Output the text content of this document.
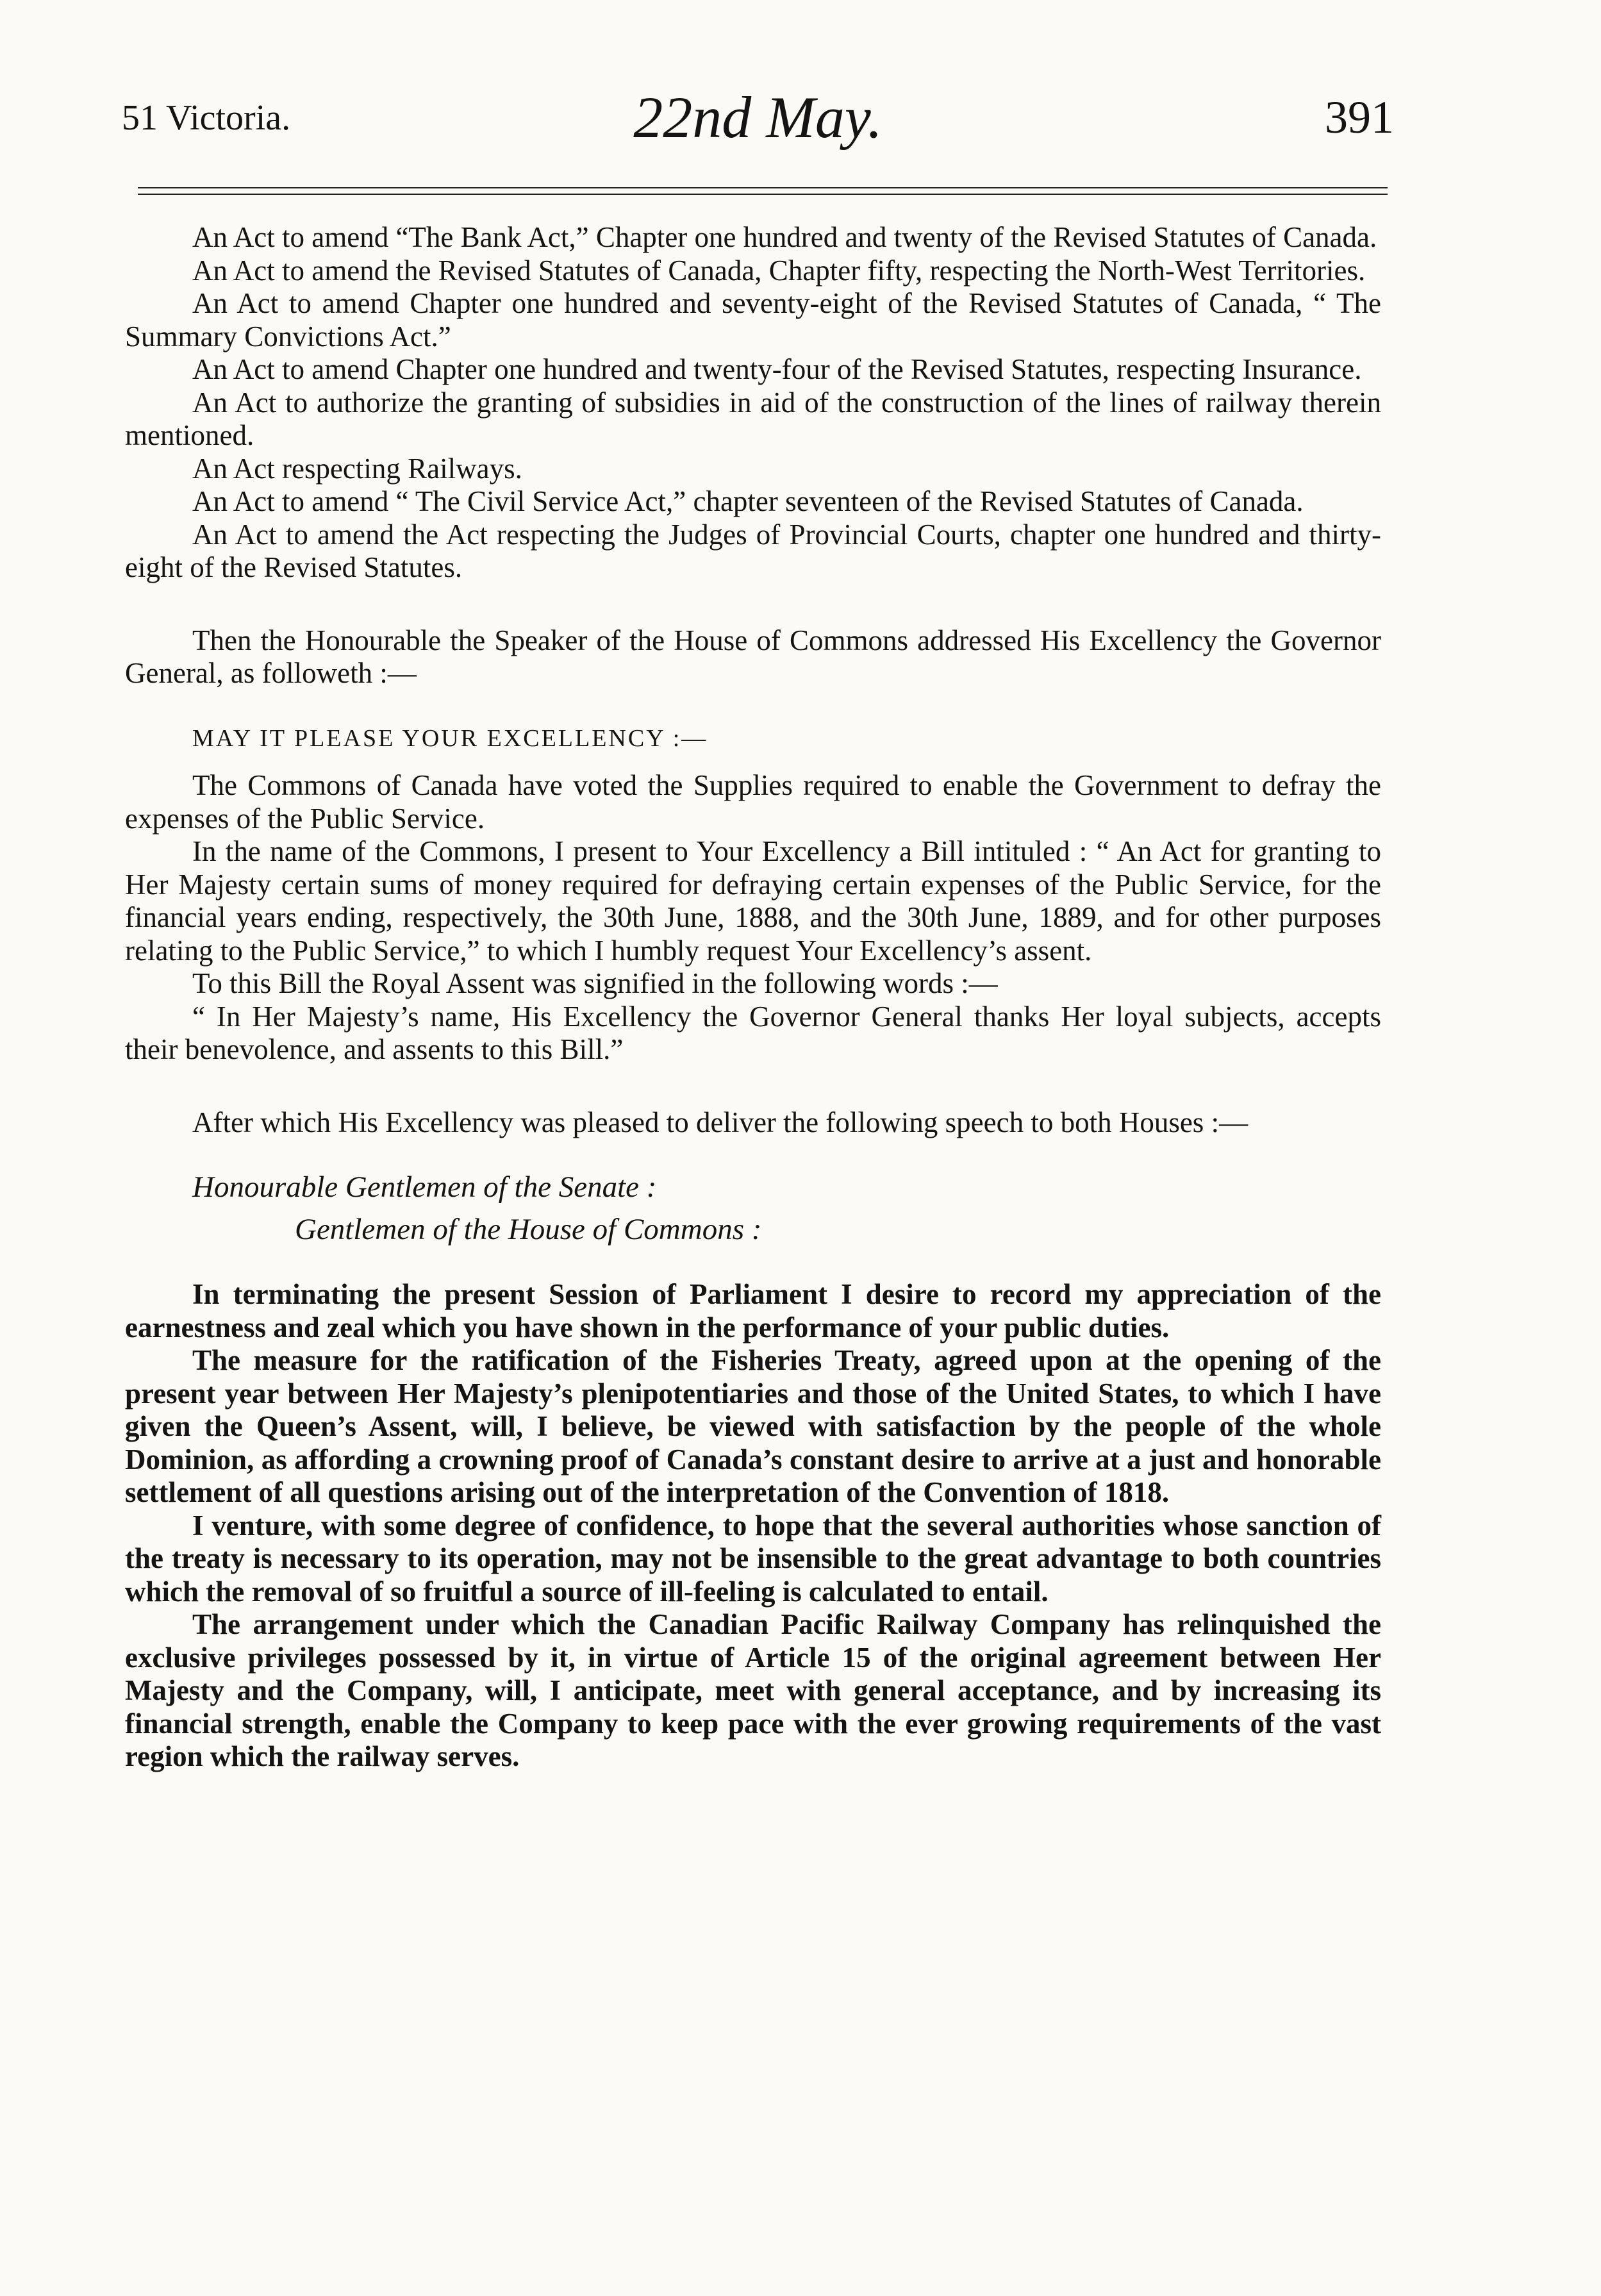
51 Victoria.	22nd May.	391

An Act to amend “The Bank Act,” Chapter one hundred and twenty of the Revised Statutes of Canada.

An Act to amend the Revised Statutes of Canada, Chapter fifty, respecting the North-West Territories.

An Act to amend Chapter one hundred and seventy-eight of the Revised Statutes of Canada, “ The Summary Convictions Act.”

An Act to amend Chapter one hundred and twenty-four of the Revised Statutes, respecting Insurance.

An Act to authorize the granting of subsidies in aid of the construction of the lines of railway therein mentioned.

An Act respecting Railways.

An Act to amend “ The Civil Service Act,” chapter seventeen of the Revised Statutes of Canada.

An Act to amend the Act respecting the Judges of Provincial Courts, chapter one hundred and thirty-eight of the Revised Statutes.

Then the Honourable the Speaker of the House of Commons addressed His Excellency the Governor General, as followeth :—

MAY IT PLEASE YOUR EXCELLENCY :—

The Commons of Canada have voted the Supplies required to enable the Government to defray the expenses of the Public Service.

In the name of the Commons, I present to Your Excellency a Bill intituled : “ An Act for granting to Her Majesty certain sums of money required for defraying certain expenses of the Public Service, for the financial years ending, respectively, the 30th June, 1888, and the 30th June, 1889, and for other purposes relating to the Public Service,” to which I humbly request Your Excellency’s assent.

To this Bill the Royal Assent was signified in the following words :—

“ In Her Majesty’s name, His Excellency the Governor General thanks Her loyal subjects, accepts their benevolence, and assents to this Bill.”

After which His Excellency was pleased to deliver the following speech to both Houses :—

Honourable Gentlemen of the Senate :

Gentlemen of the House of Commons :

In terminating the present Session of Parliament I desire to record my appreciation of the earnestness and zeal which you have shown in the performance of your public duties.

The measure for the ratification of the Fisheries Treaty, agreed upon at the opening of the present year between Her Majesty’s plenipotentiaries and those of the United States, to which I have given the Queen’s Assent, will, I believe, be viewed with satisfaction by the people of the whole Dominion, as affording a crowning proof of Canada’s constant desire to arrive at a just and honorable settlement of all questions arising out of the interpretation of the Convention of 1818.

I venture, with some degree of confidence, to hope that the several authorities whose sanction of the treaty is necessary to its operation, may not be insensible to the great advantage to both countries which the removal of so fruitful a source of ill-feeling is calculated to entail.

The arrangement under which the Canadian Pacific Railway Company has relinquished the exclusive privileges possessed by it, in virtue of Article 15 of the original agreement between Her Majesty and the Company, will, I anticipate, meet with general acceptance, and by increasing its financial strength, enable the Company to keep pace with the ever growing requirements of the vast region which the railway serves.
